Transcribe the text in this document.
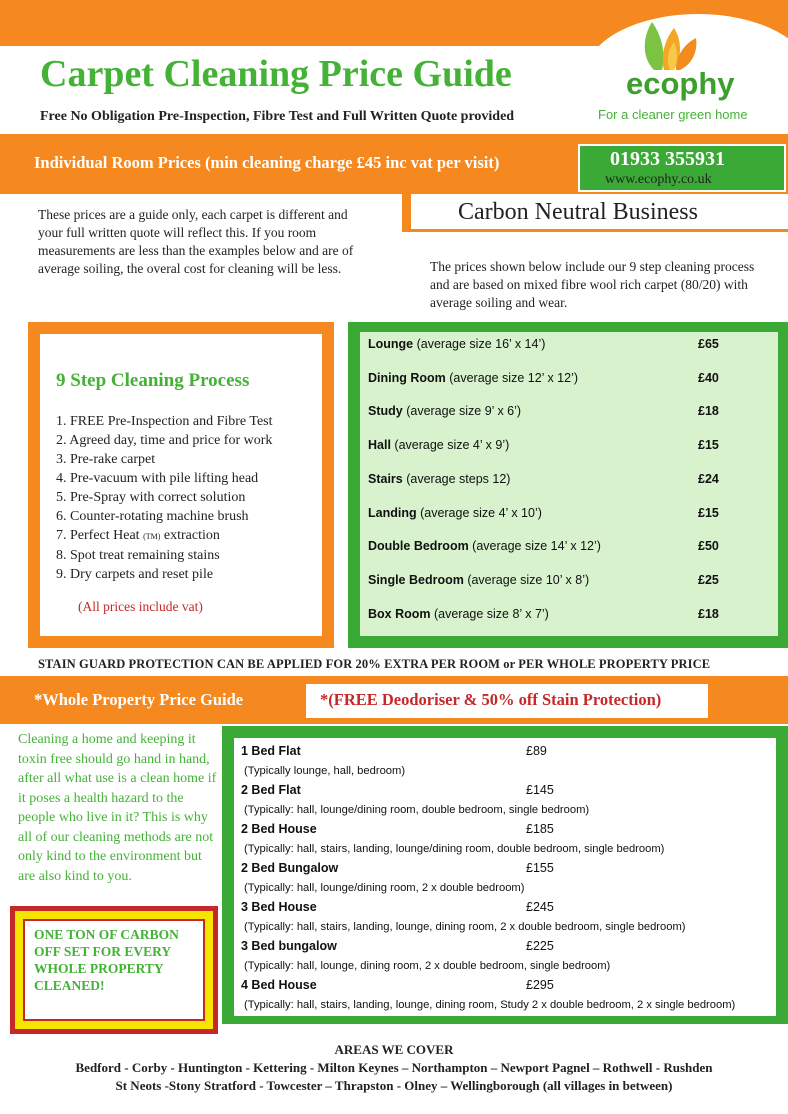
Carpet Cleaning Price Guide
Free No Obligation Pre-Inspection, Fibre Test and Full Written Quote provided
ecophy
For a cleaner green home
Individual Room Prices (min cleaning charge £45 inc vat per visit)	01933 355931
www.ecophy.co.uk
Carbon Neutral Business
These prices are a guide only, each carpet is different and your full written quote will reflect this. If you room measurements are less than the examples below and are of average soiling, the overal cost for cleaning will be less.	The prices shown below include our 9 step cleaning process and are based on mixed fibre wool rich carpet (80/20) with average soiling and wear.
9 Step Cleaning Process
1. FREE Pre-Inspection and Fibre Test
2. Agreed day, time and price for work
3. Pre-rake carpet
4. Pre-vacuum with pile lifting head
5. Pre-Spray with correct solution
6. Counter-rotating machine brush
7. Perfect Heat (TM) extraction
8. Spot treat remaining stains
9. Dry carpets and reset pile
(All prices include vat)
Lounge (average size 16’ x 14’)	£65
Dining Room (average size 12’ x 12’)	£40
Study (average size 9’ x 6’)	£18
Hall (average size 4’ x 9’)	£15
Stairs (average steps 12)	£24
Landing (average size 4’ x 10’)	£15
Double Bedroom (average size 14’ x 12’)	£50
Single Bedroom (average size 10’ x 8’)	£25
Box Room (average size 8’ x 7’)	£18
STAIN GUARD PROTECTION CAN BE APPLIED FOR 20% EXTRA PER ROOM or PER WHOLE PROPERTY PRICE
*Whole Property Price Guide	*(FREE Deodoriser & 50% off Stain Protection)
Cleaning a home and keeping it toxin free should go hand in hand, after all what use is a clean home if it poses a health hazard to the people who live in it? This is why all of our cleaning methods are not only kind to the environment but are also kind to you.
ONE TON OF CARBON OFF SET FOR EVERY WHOLE PROPERTY CLEANED!
1 Bed Flat	£89
(Typically lounge, hall, bedroom)
2 Bed Flat	£145
(Typically: hall, lounge/dining room, double bedroom, single bedroom)
2 Bed House	£185
(Typically: hall, stairs, landing, lounge/dining room, double bedroom, single bedroom)
2 Bed Bungalow	£155
(Typically: hall, lounge/dining room, 2 x double bedroom)
3 Bed House	£245
(Typically: hall, stairs, landing, lounge, dining room, 2 x double bedroom, single bedroom)
3 Bed bungalow	£225
(Typically: hall, lounge, dining room, 2 x double bedroom, single bedroom)
4 Bed House	£295
(Typically: hall, stairs, landing, lounge, dining room, Study 2 x double bedroom, 2 x single bedroom)
AREAS WE COVER
Bedford - Corby - Huntington - Kettering - Milton Keynes – Northampton – Newport Pagnel – Rothwell - Rushden
St Neots -Stony Stratford - Towcester – Thrapston - Olney – Wellingborough (all villages in between)
